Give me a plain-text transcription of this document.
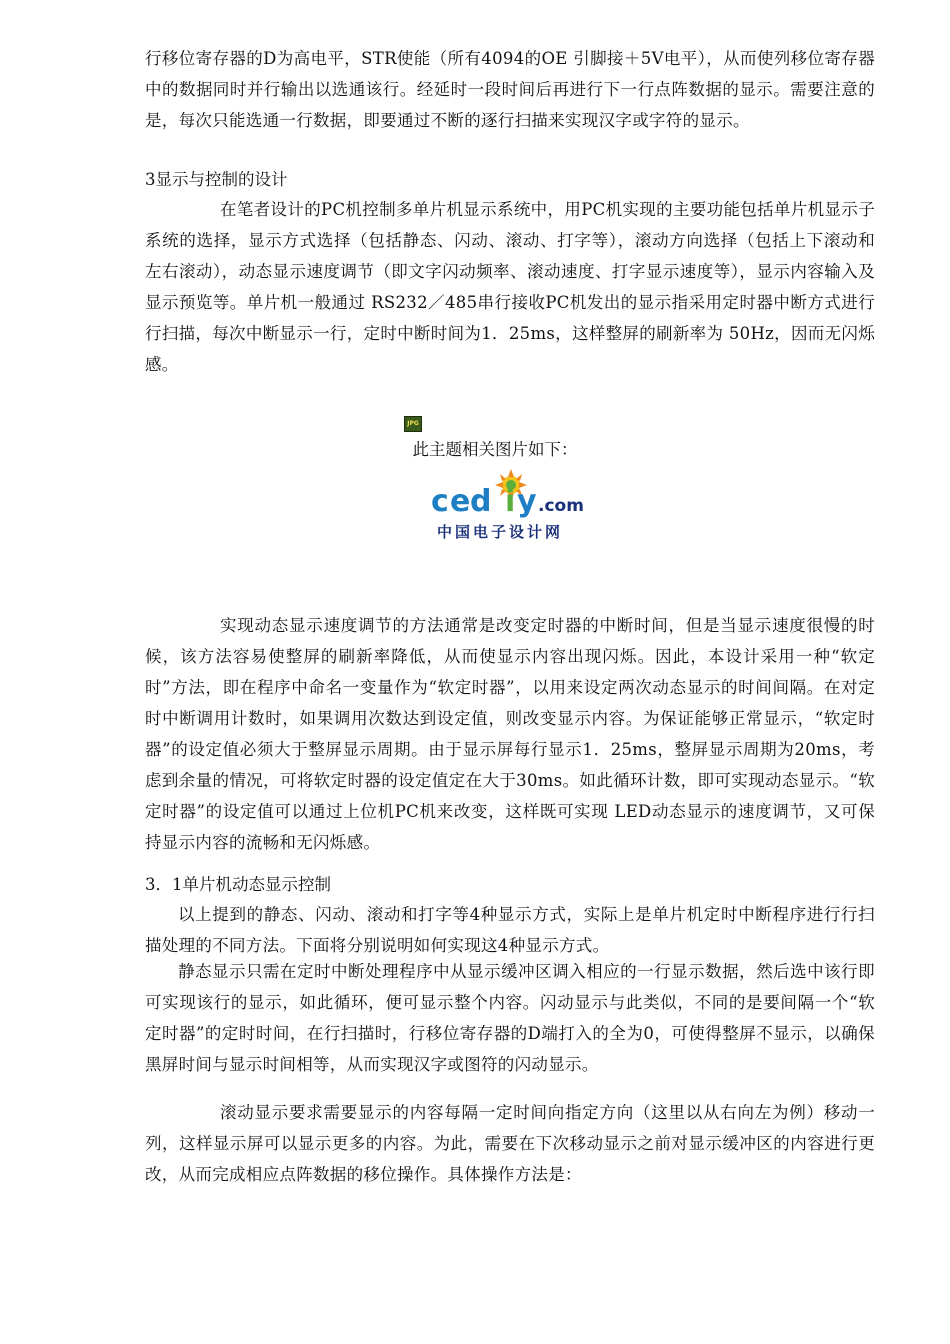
行移位寄存器的D为高电平，STR使能（所有4094的OE 引脚接＋5V电平），从而使列移位寄存器中的数据同时并行输出以选通该行。经延时一段时间后再进行下一行点阵数据的显示。需要注意的是，每次只能选通一行数据，即要通过不断的逐行扫描来实现汉字或字符的显示。

3显示与控制的设计

在笔者设计的PC机控制多单片机显示系统中，用PC机实现的主要功能包括单片机显示子系统的选择，显示方式选择（包括静态、闪动、滚动、打字等），滚动方向选择（包括上下滚动和左右滚动），动态显示速度调节（即文字闪动频率、滚动速度、打字显示速度等），显示内容输入及显示预览等。单片机一般通过 RS232／485串行接收PC机发出的显示指采用定时器中断方式进行行扫描，每次中断显示一行，定时中断时间为1．25ms，这样整屏的刷新率为 50Hz，因而无闪烁感。

JPG

此主题相关图片如下：

c e d i y .com
中国电子设计网

实现动态显示速度调节的方法通常是改变定时器的中断时间，但是当显示速度很慢的时候，该方法容易使整屏的刷新率降低，从而使显示内容出现闪烁。因此，本设计采用一种“软定时”方法，即在程序中命名一变量作为“软定时器”，以用来设定两次动态显示的时间间隔。在对定时中断调用计数时，如果调用次数达到设定值，则改变显示内容。为保证能够正常显示，“软定时器”的设定值必须大于整屏显示周期。由于显示屏每行显示1．25ms，整屏显示周期为20ms，考虑到余量的情况，可将软定时器的设定值定在大于30ms。如此循环计数，即可实现动态显示。“软定时器”的设定值可以通过上位机PC机来改变，这样既可实现 LED动态显示的速度调节，又可保持显示内容的流畅和无闪烁感。

3．1单片机动态显示控制

以上提到的静态、闪动、滚动和打字等4种显示方式，实际上是单片机定时中断程序进行行扫描处理的不同方法。下面将分别说明如何实现这4种显示方式。

静态显示只需在定时中断处理程序中从显示缓冲区调入相应的一行显示数据，然后选中该行即可实现该行的显示，如此循环，便可显示整个内容。闪动显示与此类似，不同的是要间隔一个“软定时器”的定时时间，在行扫描时，行移位寄存器的D端打入的全为0，可使得整屏不显示，以确保黑屏时间与显示时间相等，从而实现汉字或图符的闪动显示。

滚动显示要求需要显示的内容每隔一定时间向指定方向（这里以从右向左为例）移动一列，这样显示屏可以显示更多的内容。为此，需要在下次移动显示之前对显示缓冲区的内容进行更改，从而完成相应点阵数据的移位操作。具体操作方法是：
